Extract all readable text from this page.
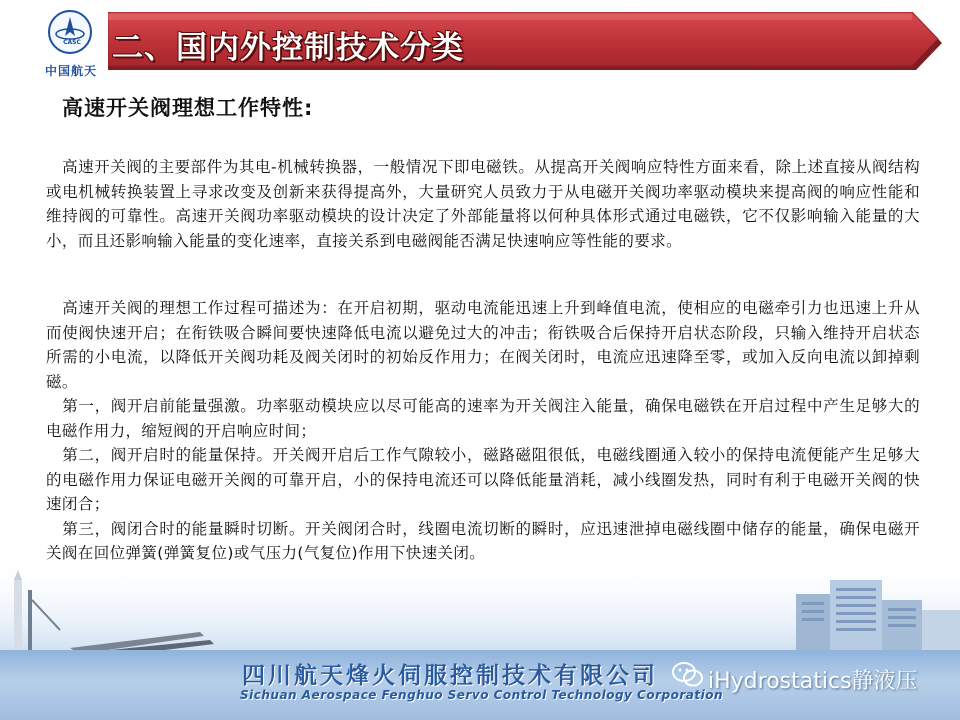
CASC
中国航天
二、国内外控制技术分类
高速开关阀理想工作特性:
 高速开关阀的主要部件为其电-机械转换器，一般情况下即电磁铁。从提高开关阀响应特性方面来看，除上述直接从阀结构或电机械转换装置上寻求改变及创新来获得提高外，大量研究人员致力于从电磁开关阀功率驱动模块来提高阀的响应性能和维持阀的可靠性。高速开关阀功率驱动模块的设计决定了外部能量将以何种具体形式通过电磁铁，它不仅影响输入能量的大小，而且还影响输入能量的变化速率，直接关系到电磁阀能否满足快速响应等性能的要求。
 高速开关阀的理想工作过程可描述为：在开启初期，驱动电流能迅速上升到峰值电流，使相应的电磁牵引力也迅速上升从而使阀快速开启；在衔铁吸合瞬间要快速降低电流以避免过大的冲击；衔铁吸合后保持开启状态阶段，只输入维持开启状态所需的小电流，以降低开关阀功耗及阀关闭时的初始反作用力；在阀关闭时，电流应迅速降至零，或加入反向电流以卸掉剩磁。
 第一，阀开启前能量强激。功率驱动模块应以尽可能高的速率为开关阀注入能量，确保电磁铁在开启过程中产生足够大的电磁作用力，缩短阀的开启响应时间；
 第二，阀开启时的能量保持。开关阀开启后工作气隙较小，磁路磁阻很低，电磁线圈通入较小的保持电流便能产生足够大的电磁作用力保证电磁开关阀的可靠开启，小的保持电流还可以降低能量消耗，减小线圈发热，同时有利于电磁开关阀的快速闭合；
 第三，阀闭合时的能量瞬时切断。开关阀闭合时，线圈电流切断的瞬时，应迅速泄掉电磁线圈中储存的能量，确保电磁开关阀在回位弹簧(弹簧复位)或气压力(气复位)作用下快速关闭。
四川航天烽火伺服控制技术有限公司
Sichuan Aerospace Fenghuo Servo Control Technology Corporation
iHydrostatics静液压
